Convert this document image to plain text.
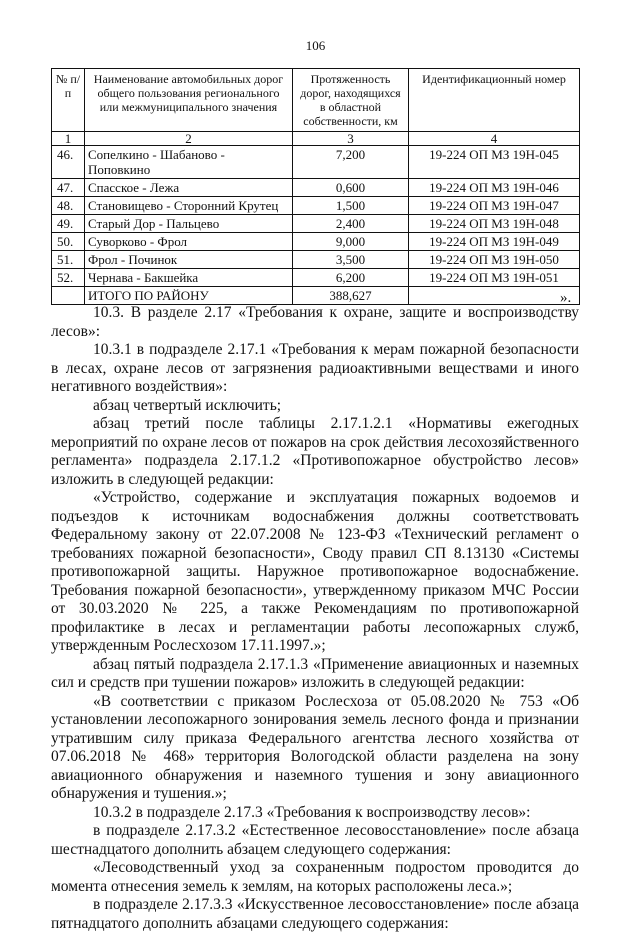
106
№ п/п	Наименование автомобильных дорог общего пользования регионального или межмуниципального значения	Протяженность дорог, находящихся в областной собственности, км	Идентификационный номер
1	2	3	4
46.	Сопелкино - Шабаново - Поповкино	7,200	19-224 ОП МЗ 19Н-045
47.	Спасское - Лежа	0,600	19-224 ОП МЗ 19Н-046
48.	Становищево - Сторонний Крутец	1,500	19-224 ОП МЗ 19Н-047
49.	Старый Дор - Пальцево	2,400	19-224 ОП МЗ 19Н-048
50.	Суворково - Фрол	9,000	19-224 ОП МЗ 19Н-049
51.	Фрол - Починок	3,500	19-224 ОП МЗ 19Н-050
52.	Чернава - Бакшейка	6,200	19-224 ОП МЗ 19Н-051
	ИТОГО ПО РАЙОНУ	388,627		».

10.3. В разделе 2.17 «Требования к охране, защите и воспроизводству лесов»:

10.3.1 в подразделе 2.17.1 «Требования к мерам пожарной безопасности в лесах, охране лесов от загрязнения радиоактивными веществами и иного негативного воздействия»:

абзац четвертый исключить;

абзац третий после таблицы 2.17.1.2.1 «Нормативы ежегодных мероприятий по охране лесов от пожаров на срок действия лесохозяйственного регламента» подраздела 2.17.1.2 «Противопожарное обустройство лесов» изложить в следующей редакции:

«Устройство, содержание и эксплуатация пожарных водоемов и подъездов к источникам водоснабжения должны соответствовать Федеральному закону от 22.07.2008 № 123-ФЗ «Технический регламент о требованиях пожарной безопасности», Своду правил СП 8.13130 «Системы противопожарной защиты. Наружное противопожарное водоснабжение. Требования пожарной безопасности», утвержденному приказом МЧС России от 30.03.2020 № 225, а также Рекомендациям по противопожарной профилактике в лесах и регламентации работы лесопожарных служб, утвержденным Рослесхозом 17.11.1997.»;

абзац пятый подраздела 2.17.1.3 «Применение авиационных и наземных сил и средств при тушении пожаров» изложить в следующей редакции:

«В соответствии с приказом Рослесхоза от 05.08.2020 № 753 «Об установлении лесопожарного зонирования земель лесного фонда и признании утратившим силу приказа Федерального агентства лесного хозяйства от 07.06.2018 № 468» территория Вологодской области разделена на зону авиационного обнаружения и наземного тушения и зону авиационного обнаружения и тушения.»;

10.3.2 в подразделе 2.17.3 «Требования к воспроизводству лесов»:

в подразделе 2.17.3.2 «Естественное лесовосстановление» после абзаца шестнадцатого дополнить абзацем следующего содержания:

«Лесоводственный уход за сохраненным подростом проводится до момента отнесения земель к землям, на которых расположены леса.»;

в подразделе 2.17.3.3 «Искусственное лесовосстановление» после абзаца пятнадцатого дополнить абзацами следующего содержания:
